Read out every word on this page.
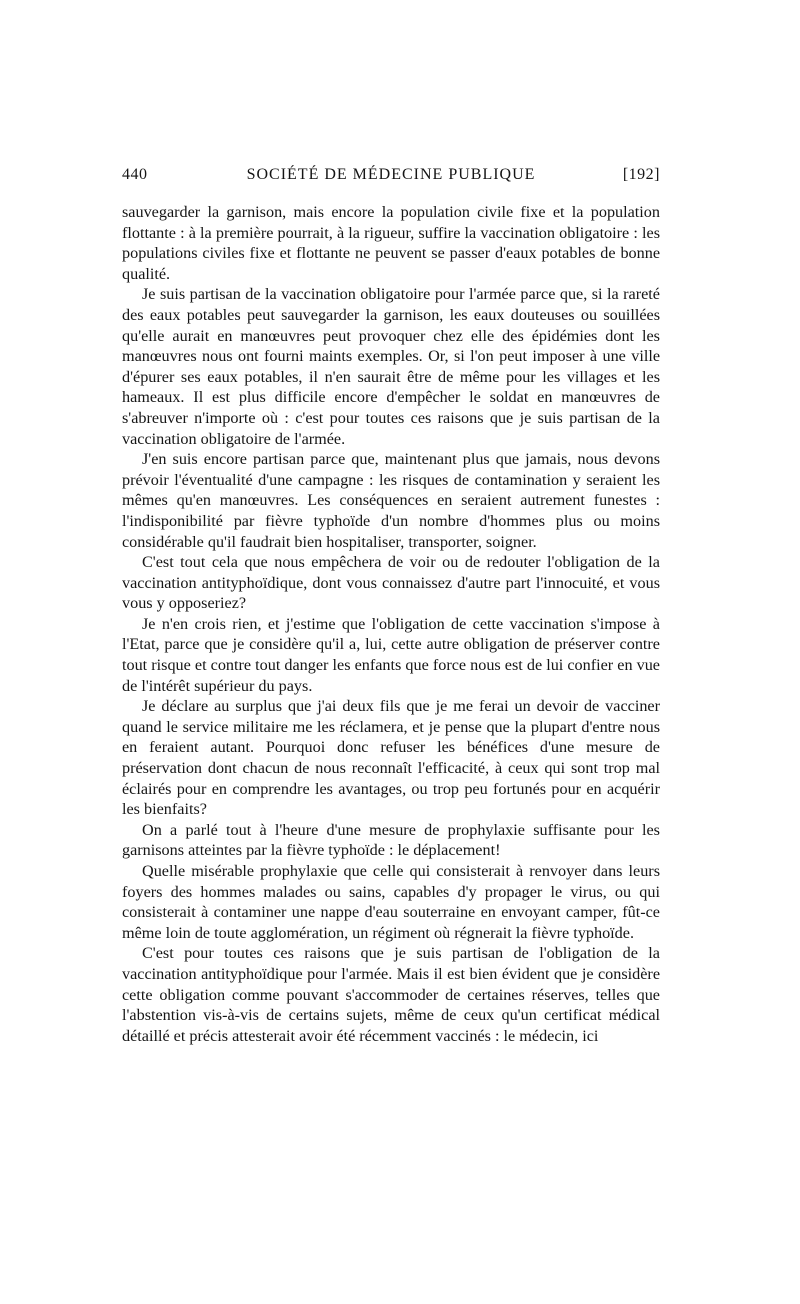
440	SOCIÉTÉ DE MÉDECINE PUBLIQUE	[192]

sauvegarder la garnison, mais encore la population civile fixe et la population flottante : à la première pourrait, à la rigueur, suffire la vaccination obligatoire : les populations civiles fixe et flottante ne peuvent se passer d'eaux potables de bonne qualité.

Je suis partisan de la vaccination obligatoire pour l'armée parce que, si la rareté des eaux potables peut sauvegarder la garnison, les eaux douteuses ou souillées qu'elle aurait en manœuvres peut provoquer chez elle des épidémies dont les manœuvres nous ont fourni maints exemples. Or, si l'on peut imposer à une ville d'épurer ses eaux potables, il n'en saurait être de même pour les villages et les hameaux. Il est plus difficile encore d'empêcher le soldat en manœuvres de s'abreuver n'importe où : c'est pour toutes ces raisons que je suis partisan de la vaccination obligatoire de l'armée.

J'en suis encore partisan parce que, maintenant plus que jamais, nous devons prévoir l'éventualité d'une campagne : les risques de contamination y seraient les mêmes qu'en manœuvres. Les conséquences en seraient autrement funestes : l'indisponibilité par fièvre typhoïde d'un nombre d'hommes plus ou moins considérable qu'il faudrait bien hospitaliser, transporter, soigner.

C'est tout cela que nous empêchera de voir ou de redouter l'obligation de la vaccination antityphoïdique, dont vous connaissez d'autre part l'innocuité, et vous vous y opposeriez?

Je n'en crois rien, et j'estime que l'obligation de cette vaccination s'impose à l'Etat, parce que je considère qu'il a, lui, cette autre obligation de préserver contre tout risque et contre tout danger les enfants que force nous est de lui confier en vue de l'intérêt supérieur du pays.

Je déclare au surplus que j'ai deux fils que je me ferai un devoir de vacciner quand le service militaire me les réclamera, et je pense que la plupart d'entre nous en feraient autant. Pourquoi donc refuser les bénéfices d'une mesure de préservation dont chacun de nous reconnaît l'efficacité, à ceux qui sont trop mal éclairés pour en comprendre les avantages, ou trop peu fortunés pour en acquérir les bienfaits?

On a parlé tout à l'heure d'une mesure de prophylaxie suffisante pour les garnisons atteintes par la fièvre typhoïde : le déplacement!

Quelle misérable prophylaxie que celle qui consisterait à renvoyer dans leurs foyers des hommes malades ou sains, capables d'y propager le virus, ou qui consisterait à contaminer une nappe d'eau souterraine en envoyant camper, fût-ce même loin de toute agglomération, un régiment où régnerait la fièvre typhoïde.

C'est pour toutes ces raisons que je suis partisan de l'obligation de la vaccination antityphoïdique pour l'armée. Mais il est bien évident que je considère cette obligation comme pouvant s'accommoder de certaines réserves, telles que l'abstention vis-à-vis de certains sujets, même de ceux qu'un certificat médical détaillé et précis attesterait avoir été récemment vaccinés : le médecin, ici
